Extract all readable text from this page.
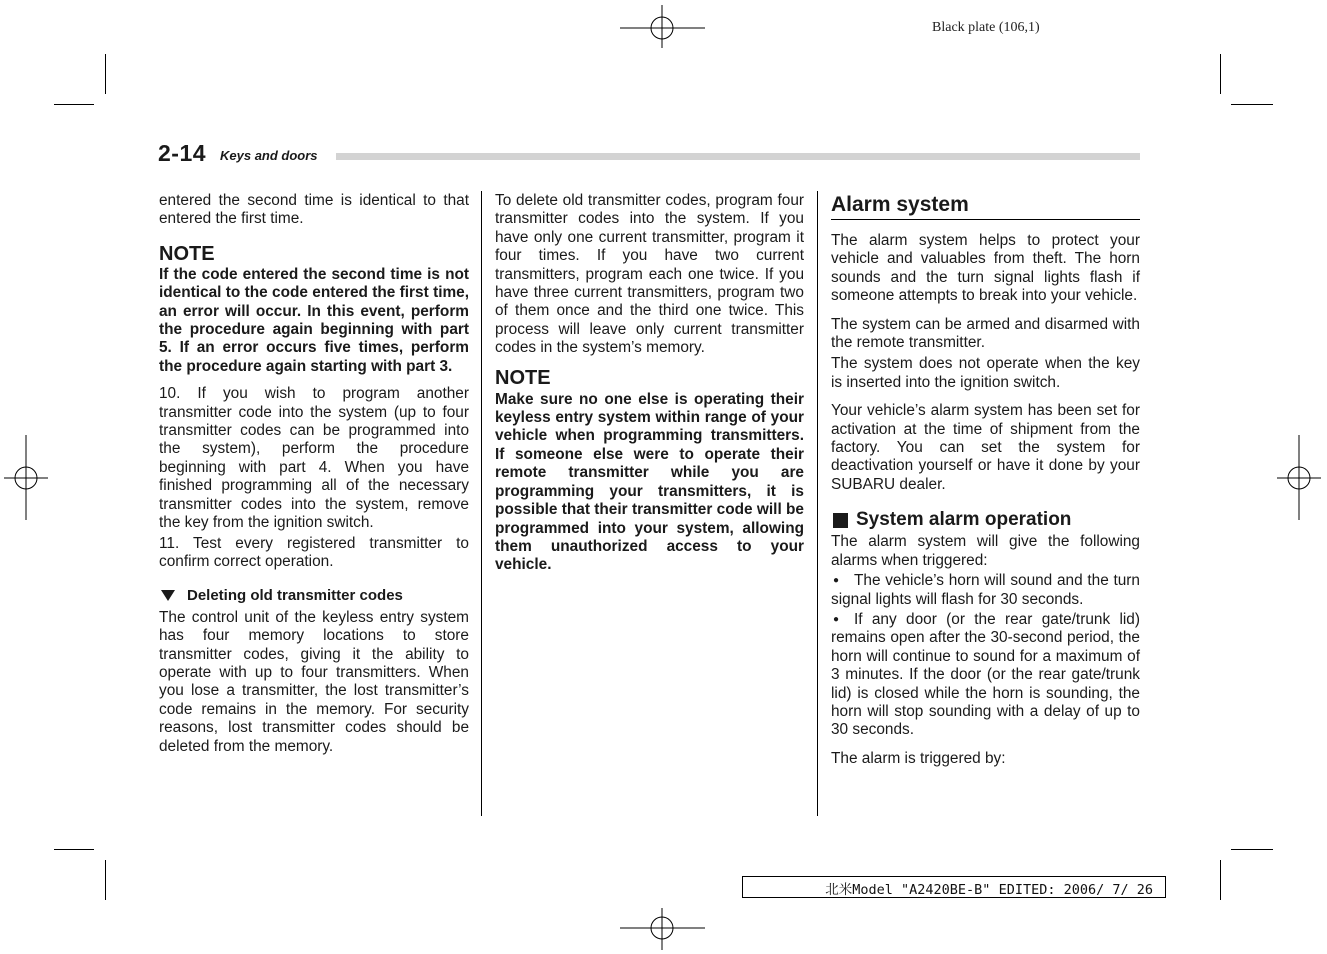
Black plate (106,1)
2-14 Keys and doors

entered the second time is identical to that entered the first time.

NOTE

If the code entered the second time is not identical to the code entered the first time, an error will occur. In this event, perform the procedure again beginning with part 5. If an error occurs five times, perform the procedure again starting with part 3.

10. If you wish to program another transmitter code into the system (up to four transmitter codes can be programmed into the system), perform the procedure beginning with part 4. When you have finished programming all of the necessary transmitter codes into the system, remove the key from the ignition switch.

11. Test every registered transmitter to confirm correct operation.

Deleting old transmitter codes

The control unit of the keyless entry system has four memory locations to store transmitter codes, giving it the ability to operate with up to four transmitters. When you lose a transmitter, the lost transmitter’s code remains in the memory. For security reasons, lost transmitter codes should be deleted from the memory.

To delete old transmitter codes, program four transmitter codes into the system. If you have only one current transmitter, program it four times. If you have two current transmitters, program each one twice. If you have three current transmitters, program two of them once and the third one twice. This process will leave only current transmitter codes in the system’s memory.

NOTE

Make sure no one else is operating their keyless entry system within range of your vehicle when programming transmitters. If someone else were to operate their remote transmitter while you are programming your transmitters, it is possible that their transmitter code will be programmed into your system, allowing them unauthorized access to your vehicle.

Alarm system

The alarm system helps to protect your vehicle and valuables from theft. The horn sounds and the turn signal lights flash if someone attempts to break into your vehicle.

The system can be armed and disarmed with the remote transmitter.

The system does not operate when the key is inserted into the ignition switch.

Your vehicle’s alarm system has been set for activation at the time of shipment from the factory. You can set the system for deactivation yourself or have it done by your SUBARU dealer.

System alarm operation

The alarm system will give the following alarms when triggered:

● The vehicle’s horn will sound and the turn signal lights will flash for 30 seconds.

● If any door (or the rear gate/trunk lid) remains open after the 30-second period, the horn will continue to sound for a maximum of 3 minutes. If the door (or the rear gate/trunk lid) is closed while the horn is sounding, the horn will stop sounding with a delay of up to 30 seconds.

The alarm is triggered by:

北米Model "A2420BE-B" EDITED: 2006/ 7/ 26
